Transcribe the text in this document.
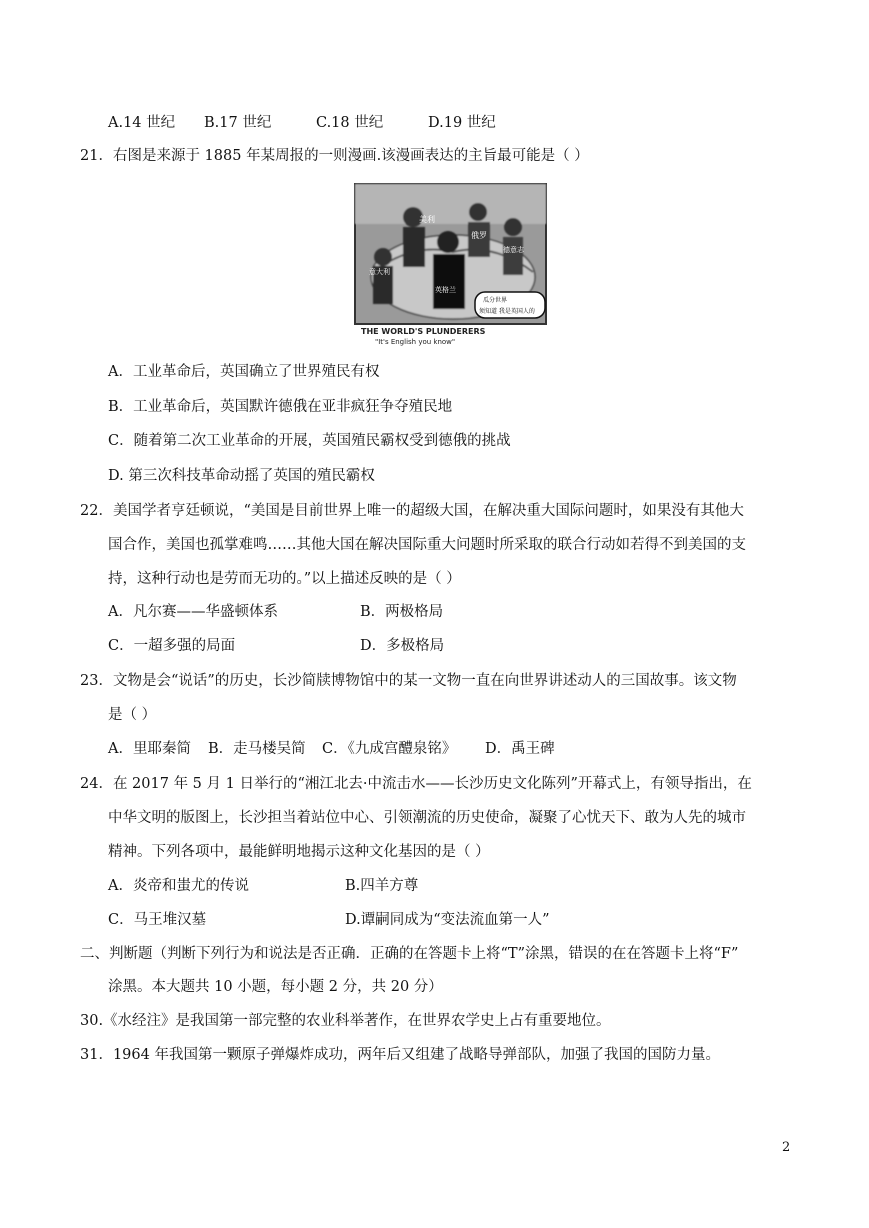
A.14 世纪 B.17 世纪	C.18 世纪	D.19 世纪
21．右图是来源于 1885 年某周报的一则漫画.该漫画表达的主旨最可能是（ ）
美利
俄罗
意大利
德意志
英格兰
瓜分世界
须知道 我是英国人的
THE WORLD'S PLUNDERERS
"It's English you know"
A．工业革命后，英国确立了世界殖民有权
B．工业革命后，英国默许德俄在亚非疯狂争夺殖民地
C．随着第二次工业革命的开展，英国殖民霸权受到德俄的挑战
D. 第三次科技革命动摇了英国的殖民霸权
22．美国学者亨廷顿说，“美国是目前世界上唯一的超级大国，在解决重大国际问题时，如果没有其他大
国合作，美国也孤掌难鸣……其他大国在解决国际重大问题时所采取的联合行动如若得不到美国的支
持，这种行动也是劳而无功的。”以上描述反映的是（ ）
A．凡尔赛——华盛顿体系	B．两极格局
C．一超多强的局面	D．多极格局
23．文物是会“说话”的历史，长沙简牍博物馆中的某一文物一直在向世界讲述动人的三国故事。该文物
是（ ）
A．里耶秦简 B．走马楼吴简 C．《九成宫醴泉铭》 D．禹王碑
24．在 2017 年 5 月 1 日举行的“湘江北去·中流击水——长沙历史文化陈列”开幕式上，有领导指出，在
中华文明的版图上，长沙担当着站位中心、引领潮流的历史使命，凝聚了心忧天下、敢为人先的城市
精神。下列各项中，最能鲜明地揭示这种文化基因的是（ ）
A．炎帝和蚩尤的传说	B.四羊方尊
C．马王堆汉墓	D.谭嗣同成为“变法流血第一人”
二、判断题（判断下列行为和说法是否正确．正确的在答题卡上将“T”涂黑，错误的在在答题卡上将“F”
涂黑。本大题共 10 小题，每小题 2 分，共 20 分）
30.《水经注》是我国第一部完整的农业科举著作，在世界农学史上占有重要地位。
31．1964 年我国第一颗原子弹爆炸成功，两年后又组建了战略导弹部队，加强了我国的国防力量。
2
